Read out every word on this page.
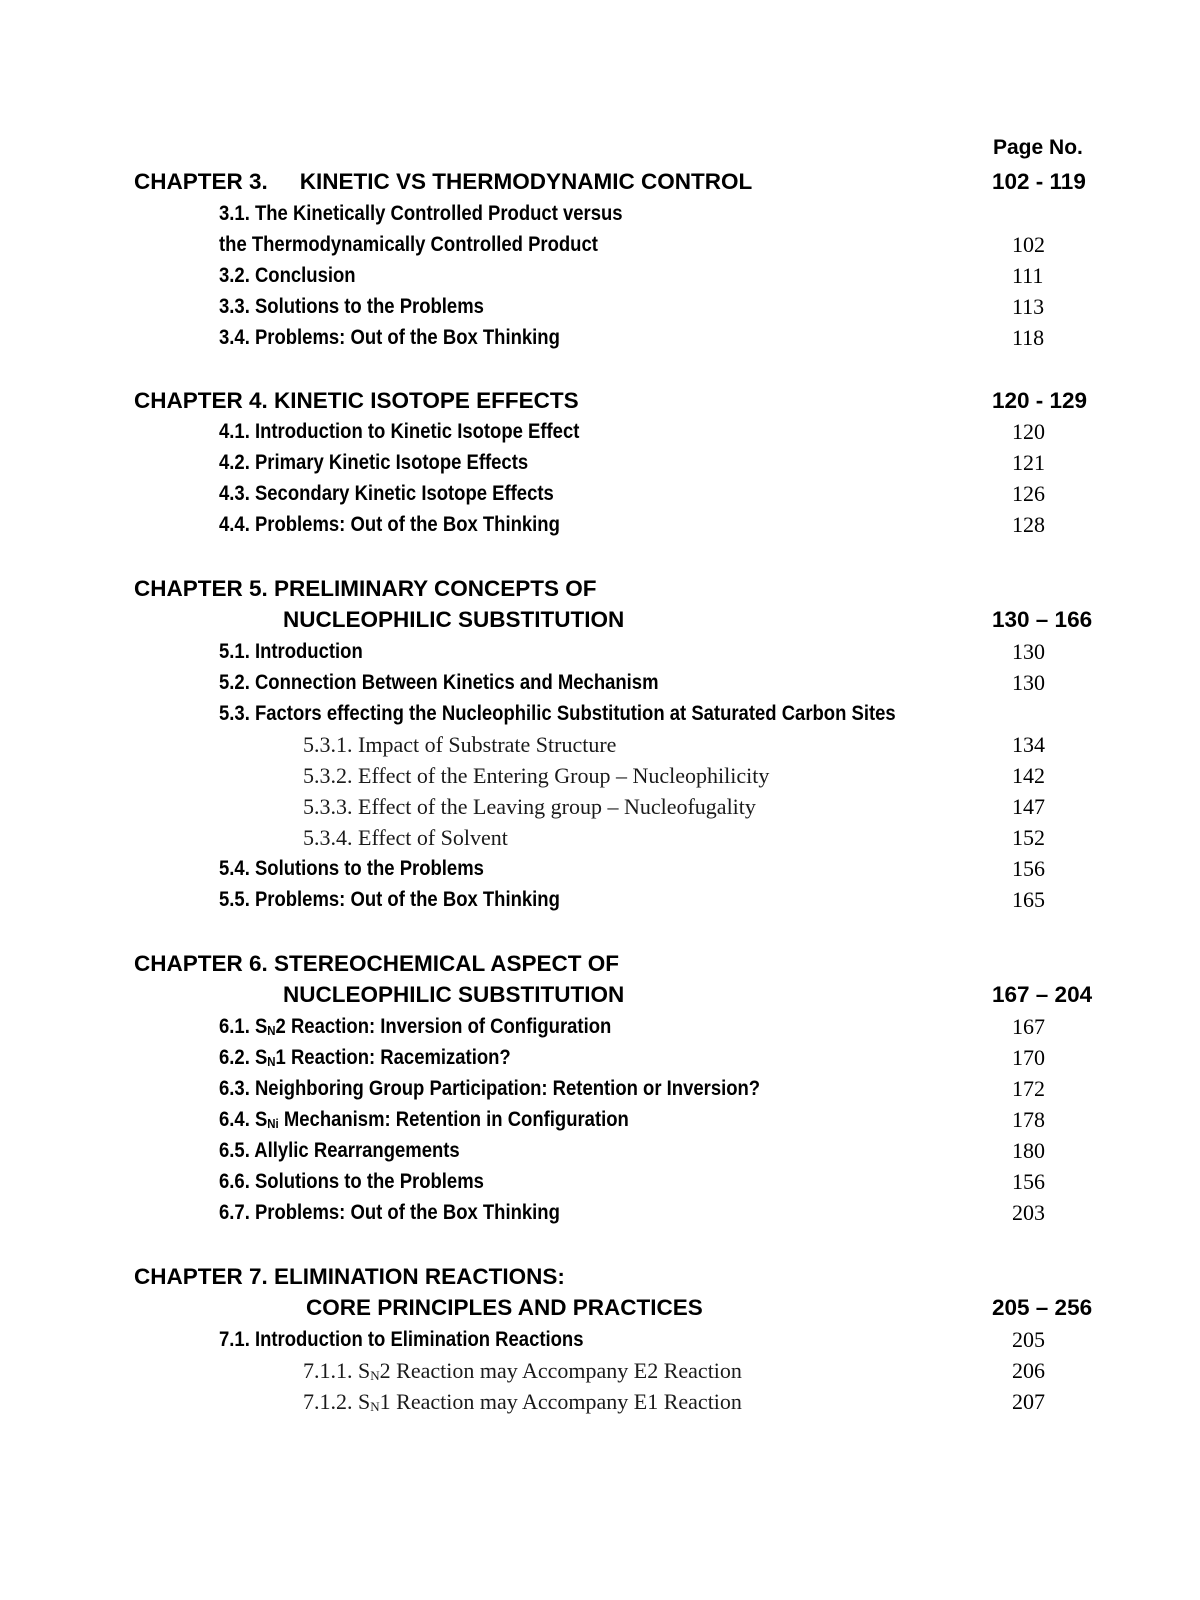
Page No.
CHAPTER 3. KINETIC VS THERMODYNAMIC CONTROL	102 - 119
3.1. The Kinetically Controlled Product versus
the Thermodynamically Controlled Product	102
3.2. Conclusion	111
3.3. Solutions to the Problems	113
3.4. Problems: Out of the Box Thinking	118
CHAPTER 4. KINETIC ISOTOPE EFFECTS	120 - 129
4.1. Introduction to Kinetic Isotope Effect	120
4.2. Primary Kinetic Isotope Effects	121
4.3. Secondary Kinetic Isotope Effects	126
4.4. Problems: Out of the Box Thinking	128
CHAPTER 5. PRELIMINARY CONCEPTS OF
NUCLEOPHILIC SUBSTITUTION	130 – 166
5.1. Introduction	130
5.2. Connection Between Kinetics and Mechanism	130
5.3. Factors effecting the Nucleophilic Substitution at Saturated Carbon Sites
5.3.1. Impact of Substrate Structure	134
5.3.2. Effect of the Entering Group – Nucleophilicity	142
5.3.3. Effect of the Leaving group – Nucleofugality	147
5.3.4. Effect of Solvent	152
5.4. Solutions to the Problems	156
5.5. Problems: Out of the Box Thinking	165
CHAPTER 6. STEREOCHEMICAL ASPECT OF
NUCLEOPHILIC SUBSTITUTION	167 – 204
6.1. $S_N2$ Reaction: Inversion of Configuration	167
6.2. $S_N1$ Reaction: Racemization?	170
6.3. Neighboring Group Participation: Retention or Inversion?	172
6.4. $S_{Ni}$ Mechanism: Retention in Configuration	178
6.5. Allylic Rearrangements	180
6.6. Solutions to the Problems	156
6.7. Problems: Out of the Box Thinking	203
CHAPTER 7. ELIMINATION REACTIONS:
CORE PRINCIPLES AND PRACTICES	205 – 256
7.1. Introduction to Elimination Reactions	205
7.1.1. $S_N2$ Reaction may Accompany E2 Reaction	206
7.1.2. $S_N1$ Reaction may Accompany E1 Reaction	207
